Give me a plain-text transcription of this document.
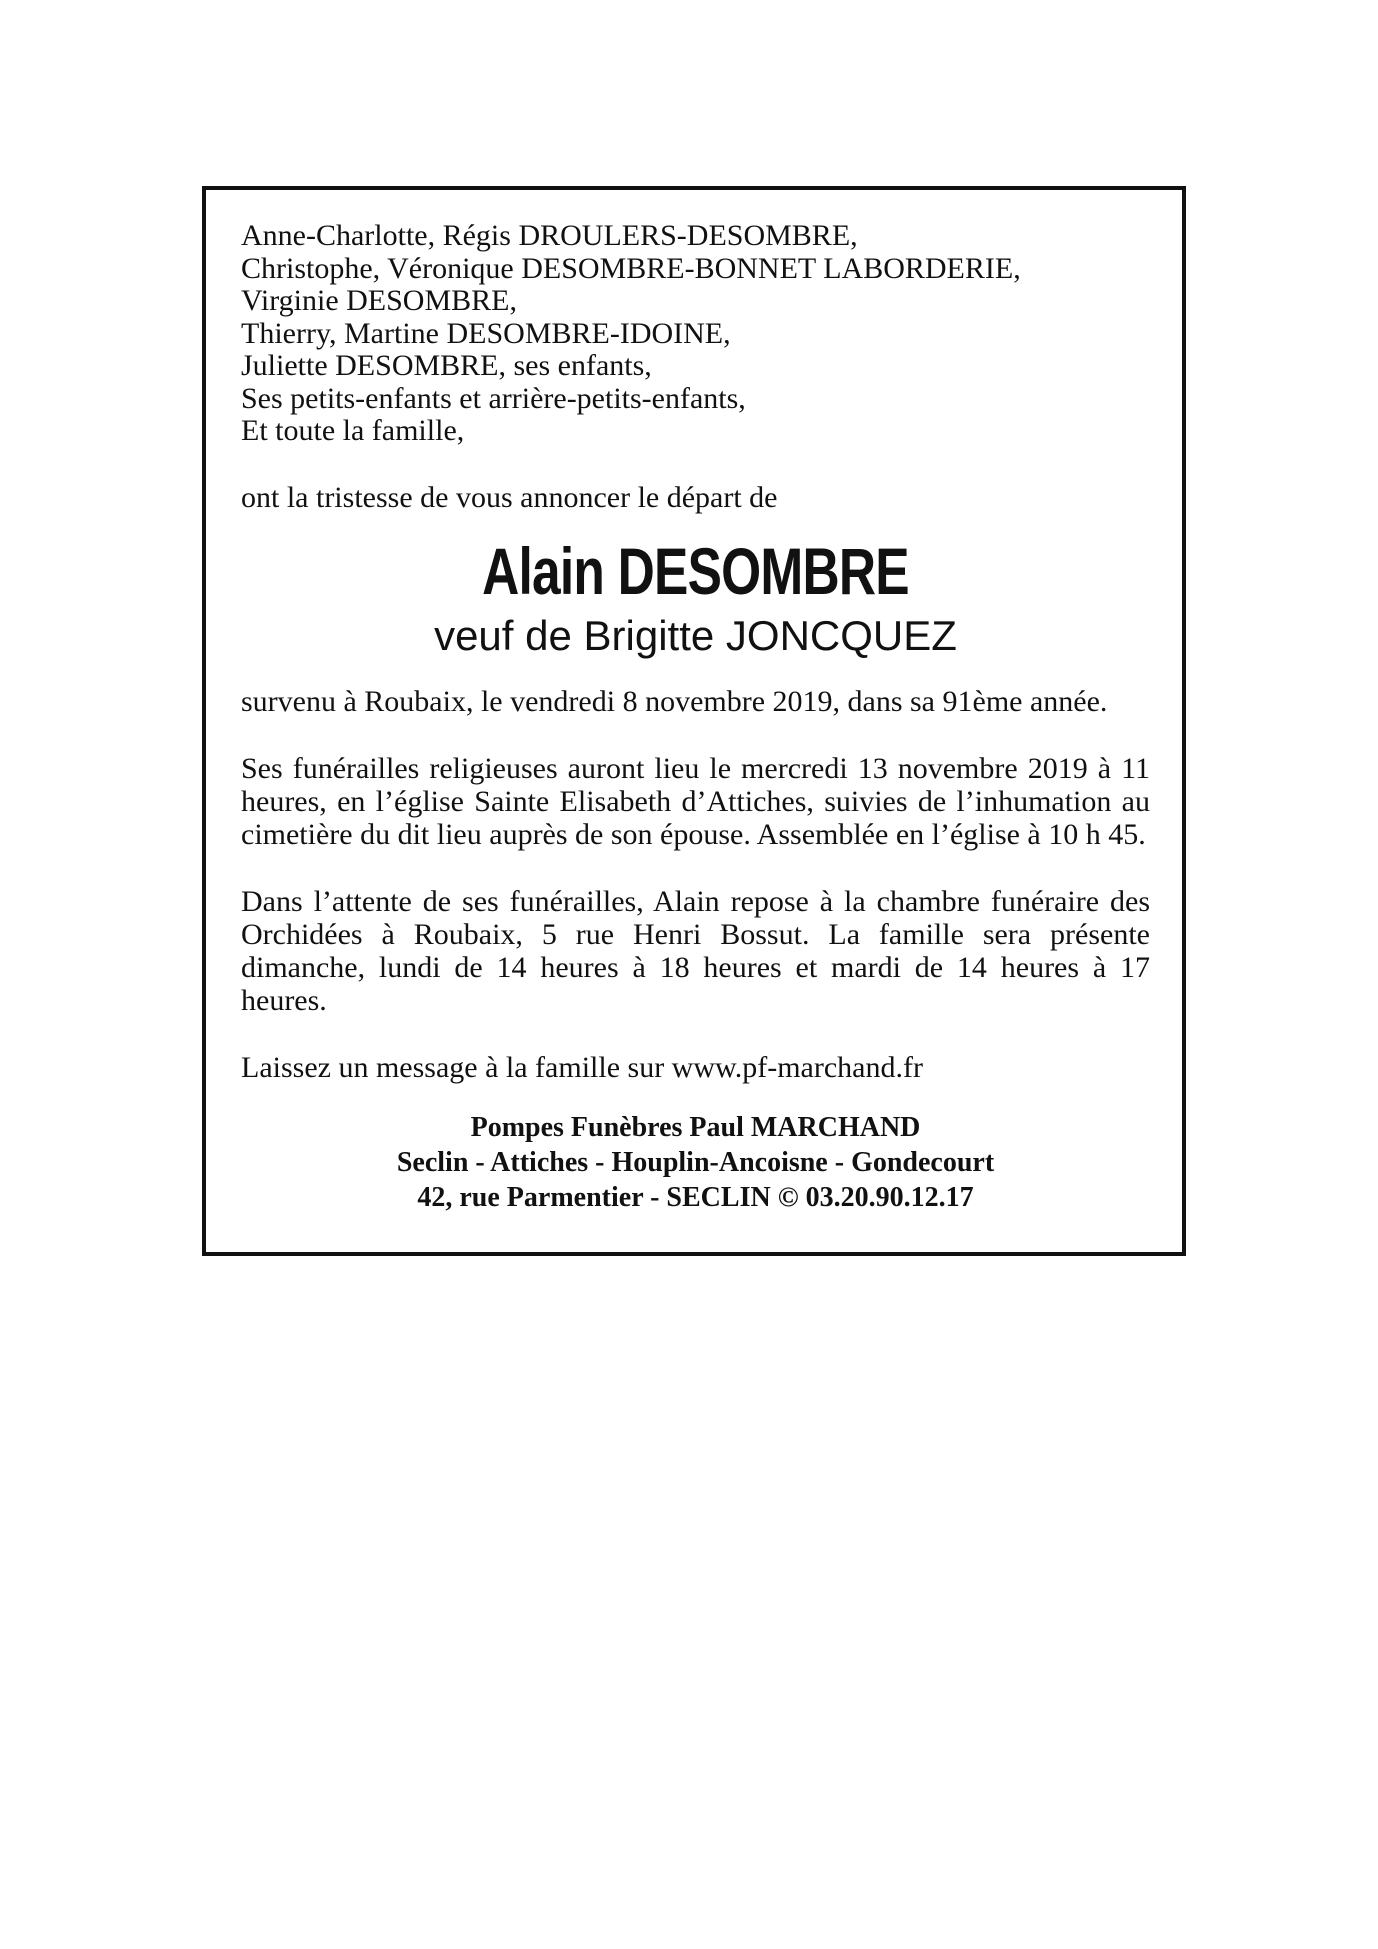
Anne-Charlotte, Régis DROULERS-DESOMBRE,
Christophe, Véronique DESOMBRE-BONNET LABORDERIE,
Virginie DESOMBRE,
Thierry, Martine DESOMBRE-IDOINE,
Juliette DESOMBRE, ses enfants,
Ses petits-enfants et arrière-petits-enfants,
Et toute la famille,
ont la tristesse de vous annoncer le départ de
Alain DESOMBRE
veuf de Brigitte JONCQUEZ
survenu à Roubaix, le vendredi 8 novembre 2019, dans sa 91ème année.
Ses funérailles religieuses auront lieu le mercredi 13 novembre 2019 à 11 heures, en l’église Sainte Elisabeth d’Attiches, suivies de l’inhumation au cimetière du dit lieu auprès de son épouse. Assemblée en l’église à 10 h 45.
Dans l’attente de ses funérailles, Alain repose à la chambre funéraire des Orchidées à Roubaix, 5 rue Henri Bossut. La famille sera présente dimanche, lundi de 14 heures à 18 heures et mardi de 14 heures à 17 heures.
Laissez un message à la famille sur www.pf-marchand.fr
Pompes Funèbres Paul MARCHAND
Seclin - Attiches - Houplin-Ancoisne - Gondecourt
42, rue Parmentier - SECLIN © 03.20.90.12.17
